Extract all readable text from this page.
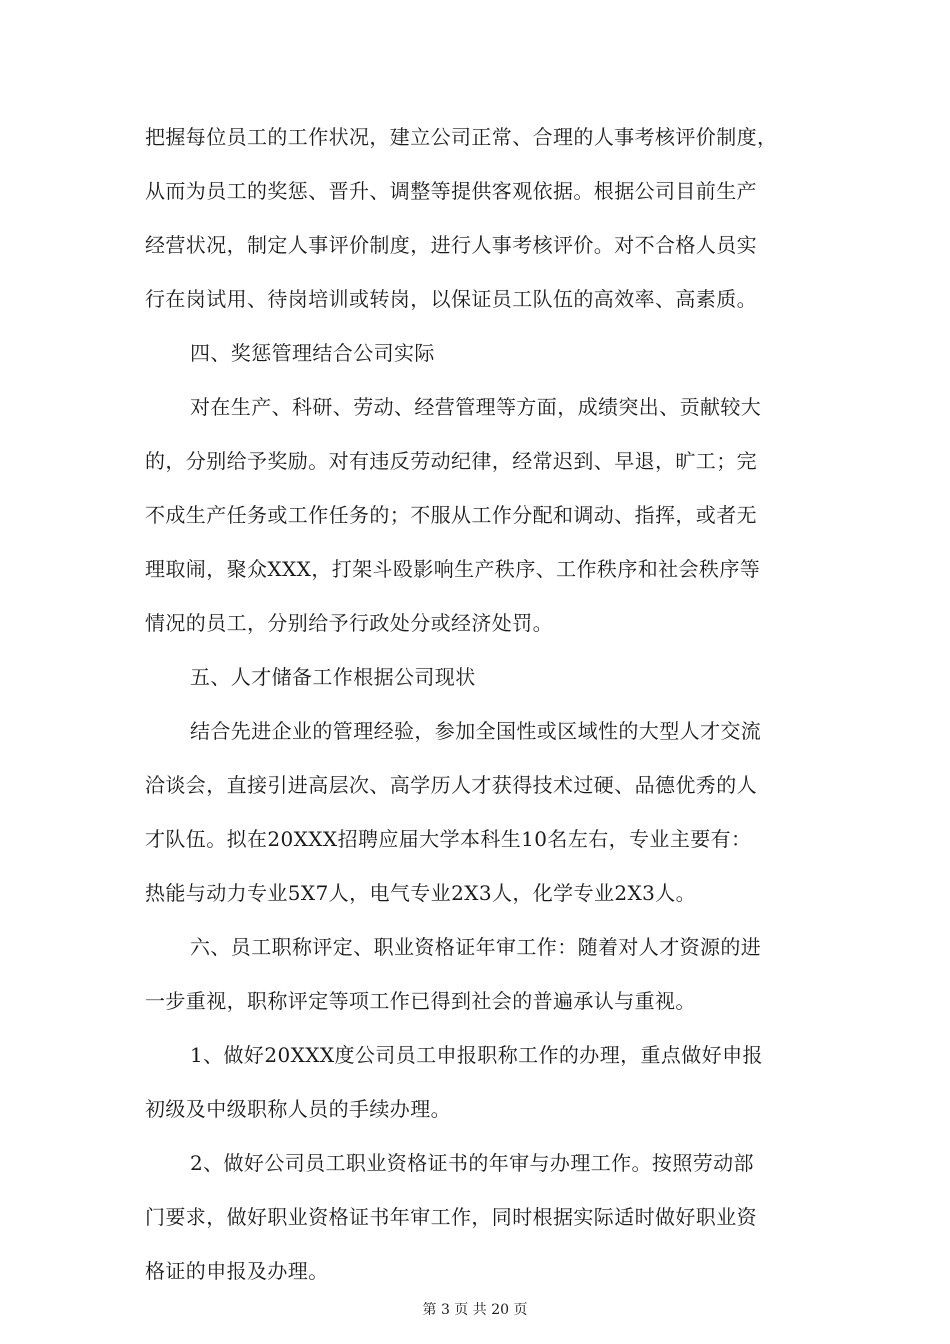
把握每位员工的工作状况，建立公司正常、合理的人事考核评价制度，
从而为员工的奖惩、晋升、调整等提供客观依据。根据公司目前生产
经营状况，制定人事评价制度，进行人事考核评价。对不合格人员实
行在岗试用、待岗培训或转岗，以保证员工队伍的高效率、高素质。
四、奖惩管理结合公司实际
对在生产、科研、劳动、经营管理等方面，成绩突出、贡献较大
的，分别给予奖励。对有违反劳动纪律，经常迟到、早退，旷工；完
不成生产任务或工作任务的；不服从工作分配和调动、指挥，或者无
理取闹，聚众XXX，打架斗殴影响生产秩序、工作秩序和社会秩序等
情况的员工，分别给予行政处分或经济处罚。
五、人才储备工作根据公司现状
结合先进企业的管理经验，参加全国性或区域性的大型人才交流
洽谈会，直接引进高层次、高学历人才获得技术过硬、品德优秀的人
才队伍。拟在20XXX招聘应届大学本科生10名左右，专业主要有：
热能与动力专业5X7人，电气专业2X3人，化学专业2X3人。
六、员工职称评定、职业资格证年审工作：随着对人才资源的进
一步重视，职称评定等项工作已得到社会的普遍承认与重视。
1、做好20XXX度公司员工申报职称工作的办理，重点做好申报
初级及中级职称人员的手续办理。
2、做好公司员工职业资格证书的年审与办理工作。按照劳动部
门要求，做好职业资格证书年审工作，同时根据实际适时做好职业资
格证的申报及办理。
第 3 页 共 20 页
